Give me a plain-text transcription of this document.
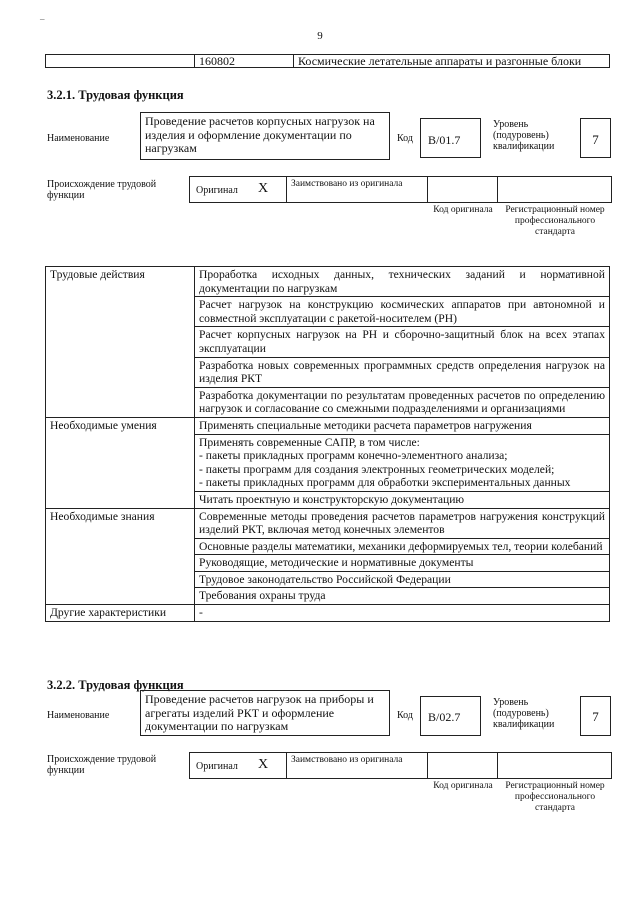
–
9
160802	Космические летательные аппараты и разгонные блоки
3.2.1. Трудовая функция
Наименование
Проведение расчетов корпусных нагрузок на изделия и оформление документации по нагрузкам
Код	B/01.7
Уровень (подуровень) квалификации	7
Происхождение трудовой функции	Оригинал X Заимствовано из оригинала
Код оригинала	Регистрационный номер профессионального стандарта
Трудовые действия	Проработка исходных данных, технических заданий и нормативной документации по нагрузкам
	Расчет нагрузок на конструкцию космических аппаратов при автономной и совместной эксплуатации с ракетой-носителем (РН)
	Расчет корпусных нагрузок на РН и сборочно-защитный блок на всех этапах эксплуатации
	Разработка новых современных программных средств определения нагрузок на изделия РКТ
	Разработка документации по результатам проведенных расчетов по определению нагрузок и согласование со смежными подразделениями и организациями
Необходимые умения	Применять специальные методики расчета параметров нагружения
	Применять современные САПР, в том числе:
- пакеты прикладных программ конечно-элементного анализа;
- пакеты программ для создания электронных геометрических моделей;
- пакеты прикладных программ для обработки экспериментальных данных
	Читать проектную и конструкторскую документацию
Необходимые знания	Современные методы проведения расчетов параметров нагружения конструкций изделий РКТ, включая метод конечных элементов
	Основные разделы математики, механики деформируемых тел, теории колебаний
	Руководящие, методические и нормативные документы
	Трудовое законодательство Российской Федерации
	Требования охраны труда
Другие характеристики	-
3.2.2. Трудовая функция
Наименование
Проведение расчетов нагрузок на приборы и агрегаты изделий РКТ и оформление документации по нагрузкам
Код	B/02.7
Уровень (подуровень) квалификации
7
Происхождение трудовой функции	Оригинал X Заимствовано из оригинала
Код оригинала	Регистрационный номер профессионального стандарта
